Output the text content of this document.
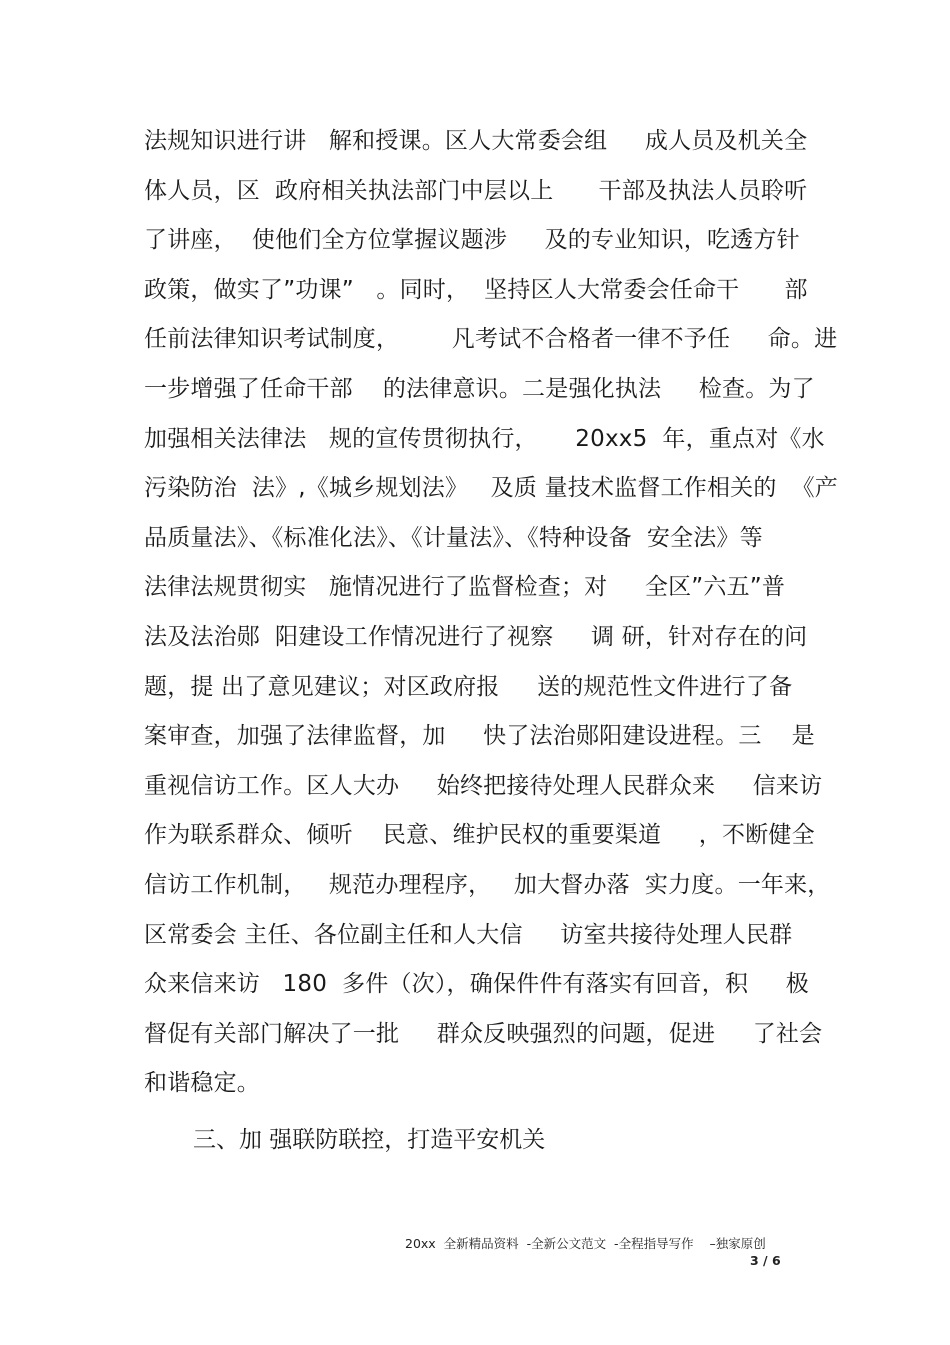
法规知识进行讲   解和授课。区人大常委会组     成人员及机关全
体人员，区  政府相关执法部门中层以上      干部及执法人员聆听
了讲座，  使他们全方位掌握议题涉     及的专业知识，吃透方针
政策，做实了”功课”   。同时，  坚持区人大常委会任命干      部
任前法律知识考试制度，       凡考试不合格者一律不予任     命。进
一步增强了任命干部    的法律意识。二是强化执法     检查。为了
加强相关法律法   规的宣传贯彻执行，     20xx5  年，重点对《水
污染防治  法》,《城乡规划法》   及质 量技术监督工作相关的  《产
品质量法》、《标准化法》、《计量法》、《特种设备  安全法》等
法律法规贯彻实   施情况进行了监督检查；对     全区”六五”普
法及法治郧  阳建设工作情况进行了视察     调 研，针对存在的问
题，提 出了意见建议；对区政府报     送的规范性文件进行了备
案审查，加强了法律监督，加     快了法治郧阳建设进程。三    是
重视信访工作。区人大办     始终把接待处理人民群众来     信来访
作为联系群众、倾听    民意、维护民权的重要渠道     ，不断健全
信访工作机制，   规范办理程序，   加大督办落  实力度。一年来，
区常委会 主任、各位副主任和人大信     访室共接待处理人民群
众来信来访   180  多件（次），确保件件有落实有回音，积     极
督促有关部门解决了一批     群众反映强烈的问题，促进     了社会
和谐稳定。
三、加 强联防联控，打造平安机关
20xx  全新精品资料  -全新公文范文  -全程指导写作    –独家原创
3 / 6
